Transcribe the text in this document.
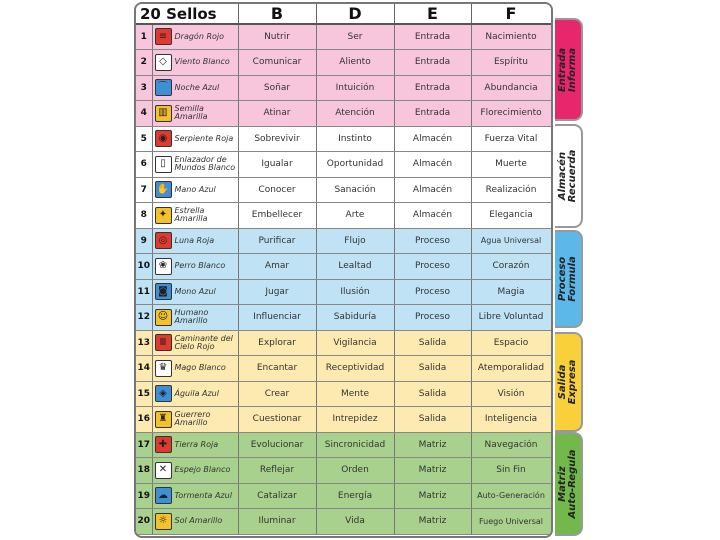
20 Sellos		B	D	E	F
1	≡ Dragón Rojo	Nutrir	Ser	Entrada	Nacimiento
2	◇ Viento Blanco	Comunicar	Aliento	Entrada	Espíritu
3	⌒ Noche Azul	Soñar	Intuición	Entrada	Abundancia
4	▥ Semilla Amarilla	Atinar	Atención	Entrada	Florecimiento
5	◉ Serpiente Roja	Sobrevivir	Instinto	Almacén	Fuerza Vital
6	▯ Enlazador de Mundos Blanco	Igualar	Oportunidad	Almacén	Muerte
7	✋ Mano Azul	Conocer	Sanación	Almacén	Realización
8	✦ Estrella Amarilla	Embellecer	Arte	Almacén	Elegancia
9	◎ Luna Roja	Purificar	Flujo	Proceso	Agua Universal
10	❀ Perro Blanco	Amar	Lealtad	Proceso	Corazón
11	◙ Mono Azul	Jugar	Ilusión	Proceso	Magia
12	☺ Humano Amarillo	Influenciar	Sabiduría	Proceso	Libre Voluntad
13	Ⅲ Caminante del Cielo Rojo	Explorar	Vigilancia	Salida	Espacio
14	♛ Mago Blanco	Encantar	Receptividad	Salida	Atemporalidad
15	◈ Águila Azul	Crear	Mente	Salida	Visión
16	♜ Guerrero Amarillo	Cuestionar	Intrepidez	Salida	Inteligencia
17	✚ Tierra Roja	Evolucionar	Sincronicidad	Matriz	Navegación
18	✕ Espejo Blanco	Reflejar	Orden	Matriz	Sin Fin
19	☁ Tormenta Azul	Catalizar	Energía	Matriz	Auto-Generación
20	☼ Sol Amarillo	Iluminar	Vida	Matriz	Fuego Universal
Entrada
Informa
Almacén
Recuerda
Proceso
Formula
Salida
Expresa
Matriz
Auto-Regula
